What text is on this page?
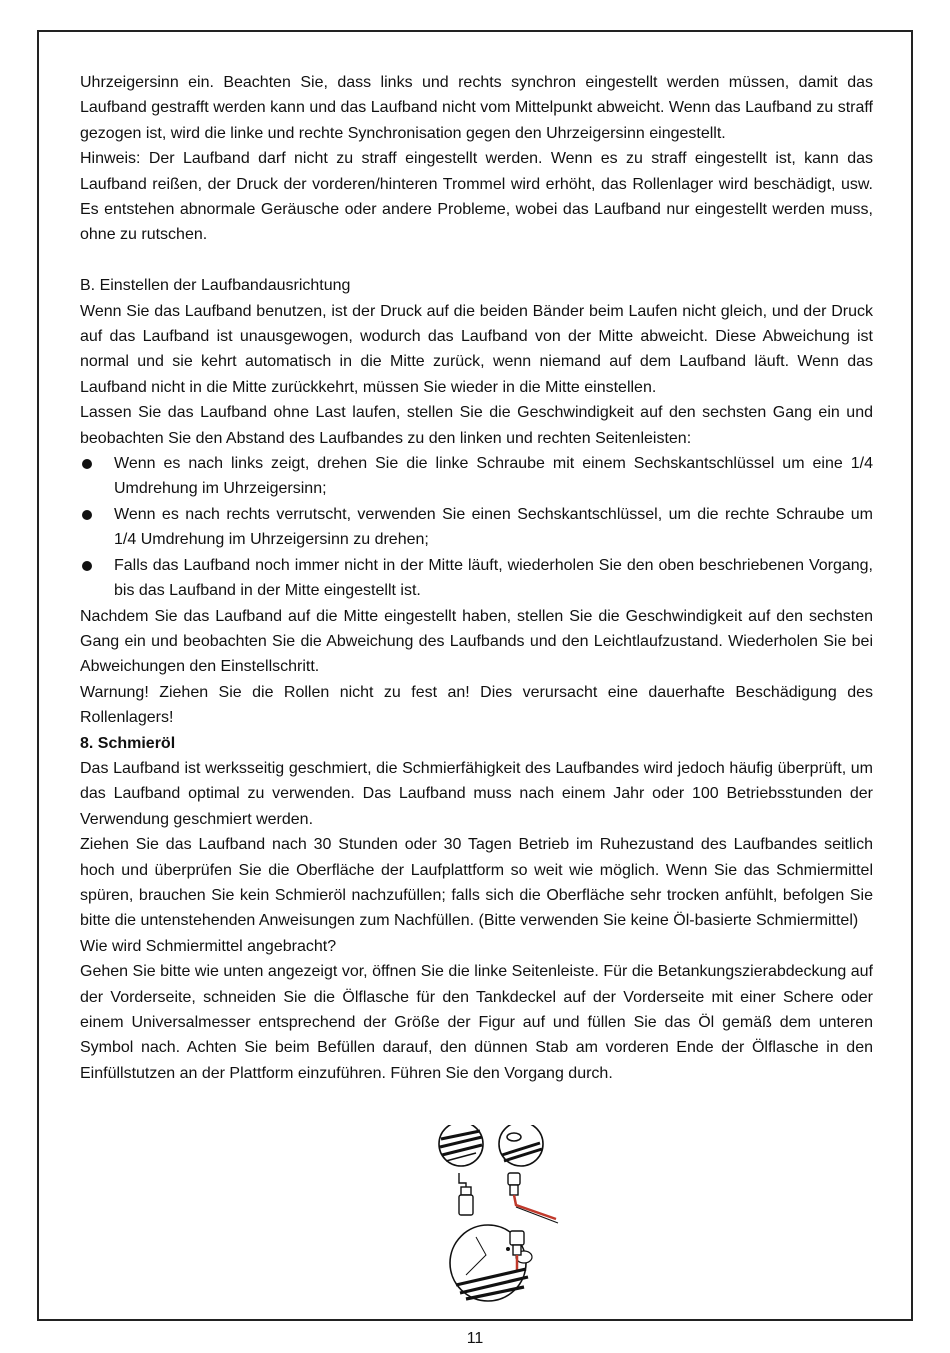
Uhrzeigersinn ein. Beachten Sie, dass links und rechts synchron eingestellt werden müssen, damit das Laufband gestrafft werden kann und das Laufband nicht vom Mittelpunkt abweicht. Wenn das Laufband zu straff gezogen ist, wird die linke und rechte Synchronisation gegen den Uhrzeigersinn eingestellt.

Hinweis: Der Laufband darf nicht zu straff eingestellt werden. Wenn es zu straff eingestellt ist, kann das Laufband reißen, der Druck der vorderen/hinteren Trommel wird erhöht, das Rollenlager wird beschädigt, usw. Es entstehen abnormale Geräusche oder andere Probleme, wobei das Laufband nur eingestellt werden muss, ohne zu rutschen.

B. Einstellen der Laufbandausrichtung

Wenn Sie das Laufband benutzen, ist der Druck auf die beiden Bänder beim Laufen nicht gleich, und der Druck auf das Laufband ist unausgewogen, wodurch das Laufband von der Mitte abweicht. Diese Abweichung ist normal und sie kehrt automatisch in die Mitte zurück, wenn niemand auf dem Laufband läuft. Wenn das Laufband nicht in die Mitte zurückkehrt, müssen Sie wieder in die Mitte einstellen.

Lassen Sie das Laufband ohne Last laufen, stellen Sie die Geschwindigkeit auf den sechsten Gang ein und beobachten Sie den Abstand des Laufbandes zu den linken und rechten Seitenleisten:

Wenn es nach links zeigt, drehen Sie die linke Schraube mit einem Sechskantschlüssel um eine 1/4 Umdrehung im Uhrzeigersinn;
Wenn es nach rechts verrutscht, verwenden Sie einen Sechskantschlüssel, um die rechte Schraube um 1/4 Umdrehung im Uhrzeigersinn zu drehen;
Falls das Laufband noch immer nicht in der Mitte läuft, wiederholen Sie den oben beschriebenen Vorgang, bis das Laufband in der Mitte eingestellt ist.

Nachdem Sie das Laufband auf die Mitte eingestellt haben, stellen Sie die Geschwindigkeit auf den sechsten Gang ein und beobachten Sie die Abweichung des Laufbands und den Leichtlaufzustand. Wiederholen Sie bei Abweichungen den Einstellschritt.

Warnung! Ziehen Sie die Rollen nicht zu fest an! Dies verursacht eine dauerhafte Beschädigung des Rollenlagers!

8. Schmieröl

Das Laufband ist werksseitig geschmiert, die Schmierfähigkeit des Laufbandes wird jedoch häufig überprüft, um das Laufband optimal zu verwenden. Das Laufband muss nach einem Jahr oder 100 Betriebsstunden der Verwendung geschmiert werden.

Ziehen Sie das Laufband nach 30 Stunden oder 30 Tagen Betrieb im Ruhezustand des Laufbandes seitlich hoch und überprüfen Sie die Oberfläche der Laufplattform so weit wie möglich. Wenn Sie das Schmiermittel spüren, brauchen Sie kein Schmieröl nachzufüllen; falls sich die Oberfläche sehr trocken anfühlt, befolgen Sie bitte die untenstehenden Anweisungen zum Nachfüllen. (Bitte verwenden Sie keine Öl-basierte Schmiermittel)

Wie wird Schmiermittel angebracht?

Gehen Sie bitte wie unten angezeigt vor, öffnen Sie die linke Seitenleiste. Für die Betankungszierabdeckung auf der Vorderseite, schneiden Sie die Ölflasche für den Tankdeckel auf der Vorderseite mit einer Schere oder einem Universalmesser entsprechend der Größe der Figur auf und füllen Sie das Öl gemäß dem unteren Symbol nach. Achten Sie beim Befüllen darauf, den dünnen Stab am vorderen Ende der Ölflasche in den Einfüllstutzen an der Plattform einzuführen. Führen Sie den Vorgang durch.

11
